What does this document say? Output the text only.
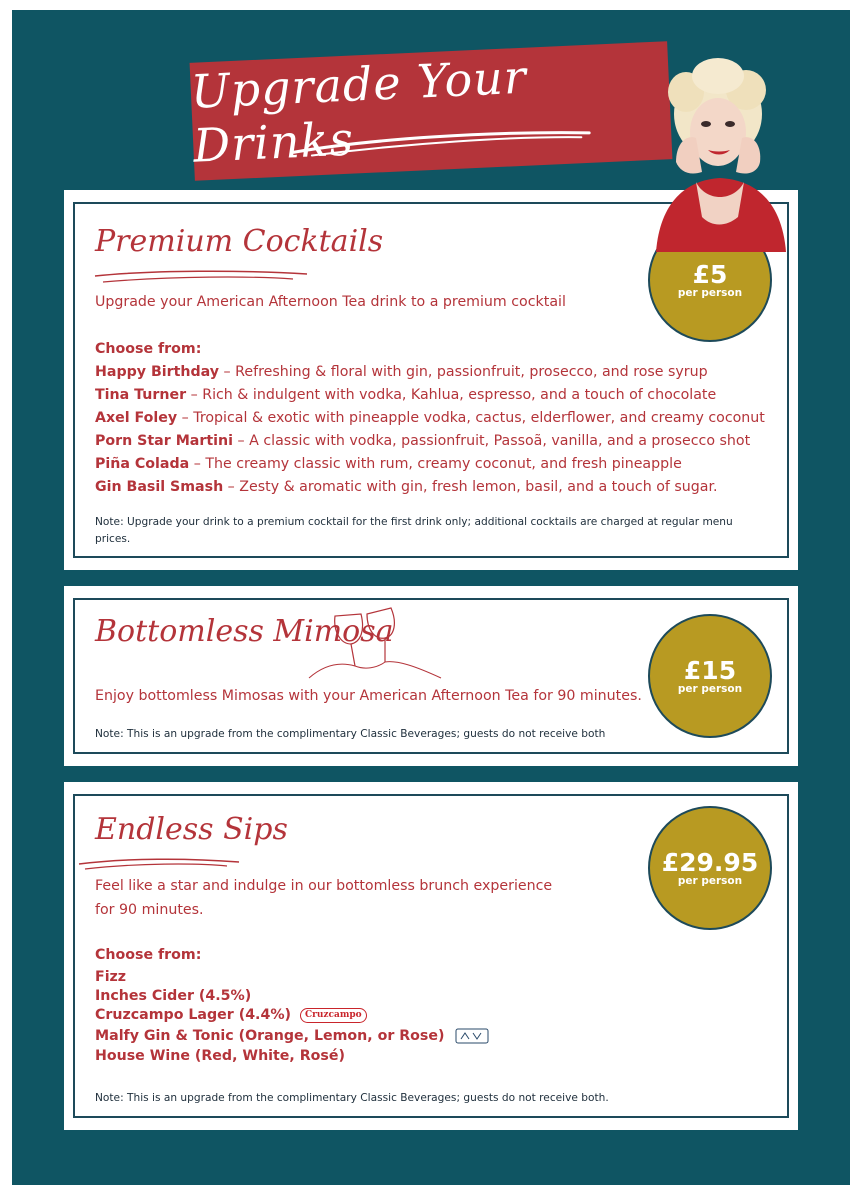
Upgrade Your Drinks
Premium Cocktails
Upgrade your American Afternoon Tea drink to a premium cocktail
Choose from:
Happy Birthday – Refreshing & floral with gin, passionfruit, prosecco, and rose syrup
Tina Turner – Rich & indulgent with vodka, Kahlua, espresso, and a touch of chocolate
Axel Foley – Tropical & exotic with pineapple vodka, cactus, elderflower, and creamy coconut
Porn Star Martini – A classic with vodka, passionfruit, Passoã, vanilla, and a prosecco shot
Piña Colada – The creamy classic with rum, creamy coconut, and fresh pineapple
Gin Basil Smash – Zesty & aromatic with gin, fresh lemon, basil, and a touch of sugar.
Note: Upgrade your drink to a premium cocktail for the first drink only; additional cocktails are charged at regular menu prices.
£5
per person
Bottomless Mimosa
Enjoy bottomless Mimosas with your American Afternoon Tea for 90 minutes.
Note: This is an upgrade from the complimentary Classic Beverages; guests do not receive both
£15
per person
Endless Sips
Feel like a star and indulge in our bottomless brunch experience
for 90 minutes.
Choose from:
Fizz
Inches Cider (4.5%)
Cruzcampo Lager (4.4%) Cruzcampo
Malfy Gin & Tonic (Orange, Lemon, or Rose)
House Wine (Red, White, Rosé)
Note: This is an upgrade from the complimentary Classic Beverages; guests do not receive both.
£29.95
per person
